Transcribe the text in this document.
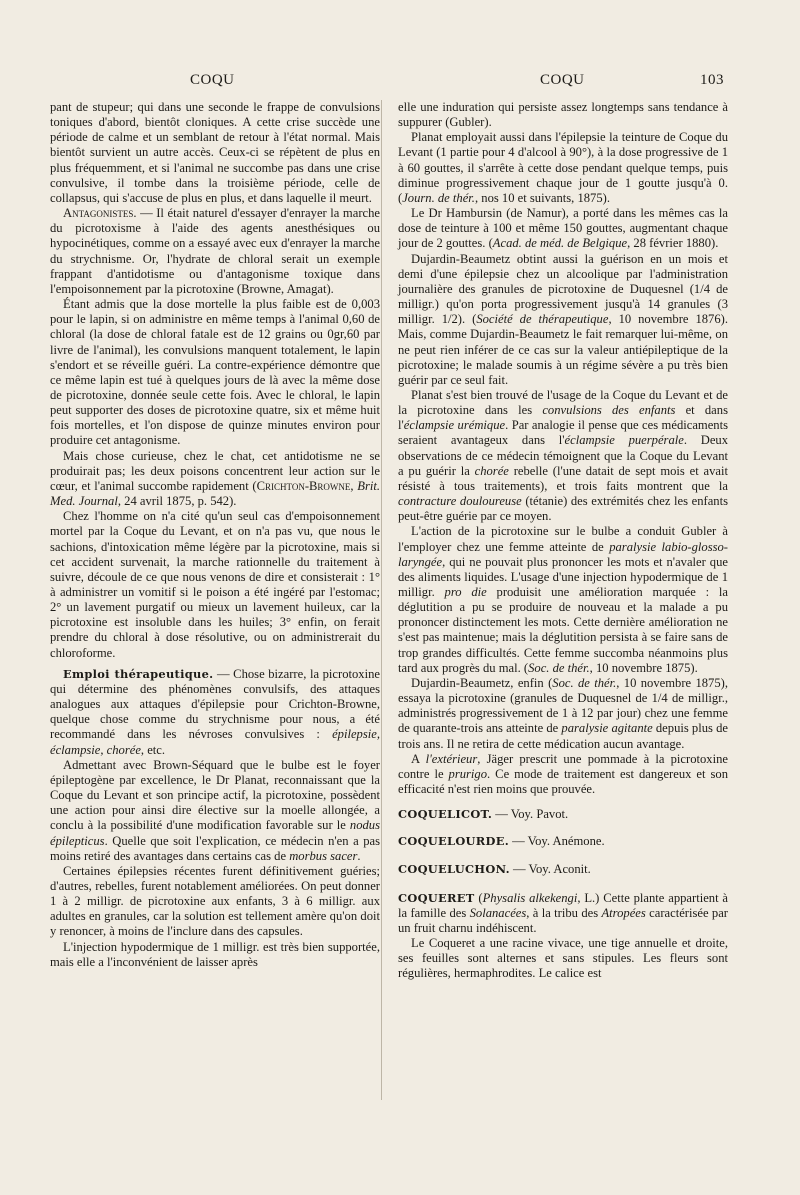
COQU	COQU	103

pant de stupeur; qui dans une seconde le frappe de convulsions toniques d'abord, bientôt cloniques. A cette crise succède une période de calme et un semblant de retour à l'état normal. Mais bientôt survient un autre accès. Ceux-ci se répètent de plus en plus fréquemment, et si l'animal ne succombe pas dans une crise convulsive, il tombe dans la troisième période, celle de collapsus, qui s'accuse de plus en plus, et dans laquelle il meurt.

Antagonistes. — Il était naturel d'essayer d'enrayer la marche du picrotoxisme à l'aide des agents anesthésiques ou hypocinétiques, comme on a essayé avec eux d'enrayer la marche du strychnisme. Or, l'hydrate de chloral serait un exemple frappant d'antidotisme ou d'antagonisme toxique dans l'empoisonnement par la picrotoxine (Browne, Amagat).

Étant admis que la dose mortelle la plus faible est de 0,003 pour le lapin, si on administre en même temps à l'animal 0,60 de chloral (la dose de chloral fatale est de 12 grains ou 0gr,60 par livre de l'animal), les convulsions manquent totalement, le lapin s'endort et se réveille guéri. La contre-expérience démontre que ce même lapin est tué à quelques jours de là avec la même dose de picrotoxine, donnée seule cette fois. Avec le chloral, le lapin peut supporter des doses de picrotoxine quatre, six et même huit fois mortelles, et l'on dispose de quinze minutes environ pour produire cet antagonisme.

Mais chose curieuse, chez le chat, cet antidotisme ne se produirait pas; les deux poisons concentrent leur action sur le cœur, et l'animal succombe rapidement (Crichton-Browne, Brit. Med. Journal, 24 avril 1875, p. 542).

Chez l'homme on n'a cité qu'un seul cas d'empoisonnement mortel par la Coque du Levant, et on n'a pas vu, que nous le sachions, d'intoxication même légère par la picrotoxine, mais si cet accident survenait, la marche rationnelle du traitement à suivre, découle de ce que nous venons de dire et consisterait : 1° à administrer un vomitif si le poison a été ingéré par l'estomac; 2° un lavement purgatif ou mieux un lavement huileux, car la picrotoxine est insoluble dans les huiles; 3° enfin, on ferait prendre du chloral à dose résolutive, ou on administrerait du chloroforme.

Emploi thérapeutique. — Chose bizarre, la picrotoxine qui détermine des phénomènes convulsifs, des attaques analogues aux attaques d'épilepsie pour Crichton-Browne, quelque chose comme du strychnisme pour nous, a été recommandé dans les névroses convulsives : épilepsie, éclampsie, chorée, etc.

Admettant avec Brown-Séquard que le bulbe est le foyer épileptogène par excellence, le Dr Planat, reconnaissant que la Coque du Levant et son principe actif, la picrotoxine, possèdent une action pour ainsi dire élective sur la moelle allongée, a conclu à la possibilité d'une modification favorable sur le nodus épilepticus. Quelle que soit l'explication, ce médecin n'en a pas moins retiré des avantages dans certains cas de morbus sacer.

Certaines épilepsies récentes furent définitivement guéries; d'autres, rebelles, furent notablement améliorées. On peut donner 1 à 2 milligr. de picrotoxine aux enfants, 3 à 6 milligr. aux adultes en granules, car la solution est tellement amère qu'on doit y renoncer, à moins de l'inclure dans des capsules.

L'injection hypodermique de 1 milligr. est très bien supportée, mais elle a l'inconvénient de laisser après

elle une induration qui persiste assez longtemps sans tendance à suppurer (Gubler).

Planat employait aussi dans l'épilepsie la teinture de Coque du Levant (1 partie pour 4 d'alcool à 90°), à la dose progressive de 1 à 60 gouttes, il s'arrête à cette dose pendant quelque temps, puis diminue progressivement chaque jour de 1 goutte jusqu'à 0. (Journ. de thér., nos 10 et suivants, 1875).

Le Dr Hambursin (de Namur), a porté dans les mêmes cas la dose de teinture à 100 et même 150 gouttes, augmentant chaque jour de 2 gouttes. (Acad. de méd. de Belgique, 28 février 1880).

Dujardin-Beaumetz obtint aussi la guérison en un mois et demi d'une épilepsie chez un alcoolique par l'administration journalière des granules de picrotoxine de Duquesnel (1/4 de milligr.) qu'on porta progressivement jusqu'à 14 granules (3 milligr. 1/2). (Société de thérapeutique, 10 novembre 1876). Mais, comme Dujardin-Beaumetz le fait remarquer lui-même, on ne peut rien inférer de ce cas sur la valeur antiépileptique de la picrotoxine; le malade soumis à un régime sévère a pu très bien guérir par ce seul fait.

Planat s'est bien trouvé de l'usage de la Coque du Levant et de la picrotoxine dans les convulsions des enfants et dans l'éclampsie urémique. Par analogie il pense que ces médicaments seraient avantageux dans l'éclampsie puerpérale. Deux observations de ce médecin témoignent que la Coque du Levant a pu guérir la chorée rebelle (l'une datait de sept mois et avait résisté à tous traitements), et trois faits montrent que la contracture douloureuse (tétanie) des extrémités chez les enfants peut-être guérie par ce moyen.

L'action de la picrotoxine sur le bulbe a conduit Gubler à l'employer chez une femme atteinte de paralysie labio-glosso-laryngée, qui ne pouvait plus prononcer les mots et n'avaler que des aliments liquides. L'usage d'une injection hypodermique de 1 milligr. pro die produisit une amélioration marquée : la déglutition a pu se produire de nouveau et la malade a pu prononcer distinctement les mots. Cette dernière amélioration ne s'est pas maintenue; mais la déglutition persista à se faire sans de trop grandes difficultés. Cette femme succomba néanmoins plus tard aux progrès du mal. (Soc. de thér., 10 novembre 1875).

Dujardin-Beaumetz, enfin (Soc. de thér., 10 novembre 1875), essaya la picrotoxine (granules de Duquesnel de 1/4 de milligr., administrés progressivement de 1 à 12 par jour) chez une femme de quarante-trois ans atteinte de paralysie agitante depuis plus de trois ans. Il ne retira de cette médication aucun avantage.

A l'extérieur, Jäger prescrit une pommade à la picrotoxine contre le prurigo. Ce mode de traitement est dangereux et son efficacité n'est rien moins que prouvée.

COQUELICOT. — Voy. Pavot.

COQUELOURDE. — Voy. Anémone.

COQUELUCHON. — Voy. Aconit.

COQUERET (Physalis alkekengi, L.) Cette plante appartient à la famille des Solanacées, à la tribu des Atropées caractérisée par un fruit charnu indéhiscent.

Le Coqueret a une racine vivace, une tige annuelle et droite, ses feuilles sont alternes et sans stipules. Les fleurs sont régulières, hermaphrodites. Le calice est
